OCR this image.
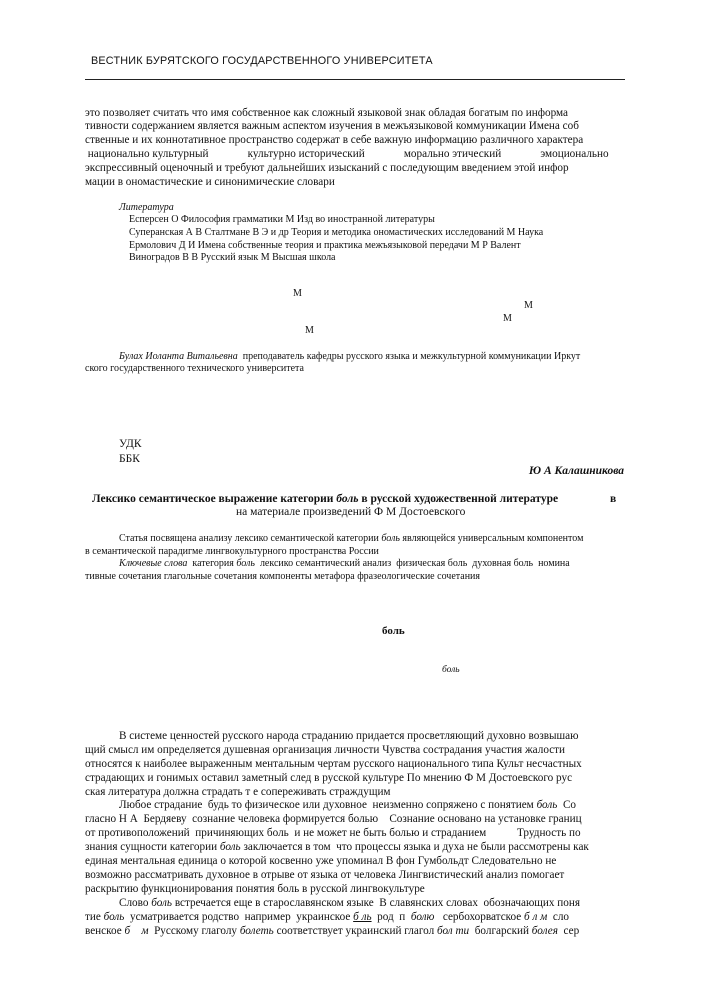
ВЕСТНИК БУРЯТСКОГО ГОСУДАРСТВЕННОГО УНИВЕРСИТЕТА
это позволяет считать что имя собственное как сложный языковой знак обладая богатым по информа
тивности содержанием является важным аспектом изучения в межъязыковой коммуникации Имена соб
ственные и их коннотативное пространство содержат в себе важную информацию различного характера
национально культурный              культурно исторический              морально этический              эмоционально
экспрессивный оценочный и требуют дальнейших изысканий с последующим введением этой инфор
мации в ономастические и синонимические словари
Литература
Есперсен О Философия грамматики М Изд во иностранной литературы
Суперанская А В Сталтмане В Э и др Теория и методика ономастических исследований М Наука
Ермолович Д И Имена собственные теория и практика межъязыковой передачи М Р Валент
Виноградов В В Русский язык М Высшая школа
М
М
М
М
Булах Иоланта Витальевна  преподаватель кафедры русского языка и межкультурной коммуникации Иркут
ского государственного технического университета
УДК
ББК
Ю А Калашникова
Лексико семантическое выражение категории боль в русской художественной литературе	в
на материале произведений Ф М Достоевского
Статья посвящена анализу лексико семантической категории боль являющейся универсальным компонентом
в семантической парадигме лингвокультурного пространства России
Ключевые слова  категория боль  лексико семантический анализ  физическая боль  духовная боль  номина
тивные сочетания глагольные сочетания компоненты метафора фразеологические сочетания
боль
боль
В системе ценностей русского народа страданию придается просветляющий духовно возвышаю
щий смысл им определяется душевная организация личности Чувства сострадания участия жалости
относятся к наиболее выраженным ментальным чертам русского национального типа Культ несчастных
страдающих и гонимых оставил заметный след в русской культуре По мнению Ф М Достоевского рус
ская литература должна страдать т е сопереживать страждущим
Любое страдание  будь то физическое или духовное  неизменно сопряжено с понятием боль  Со
гласно Н А  Бердяеву  сознание человека формируется болью    Сознание основано на установке границ
от противоположений  причиняющих боль  и не может не быть болью и страданием           Трудность по
знания сущности категории боль заключается в том  что процессы языка и духа не были рассмотрены как
единая ментальная единица о которой косвенно уже упоминал В фон Гумбольдт Следовательно не
возможно рассматривать духовное в отрыве от языка от человека Лингвистический анализ помогает
раскрытию функционирования понятия боль в русской лингвокультуре
Слово боль встречается еще в старославянском языке  В славянских словах  обозначающих поня
тие боль  усматривается родство  например  украинское б ль  род  п  болю   сербохорватское б л м  сло
венское б м  Русскому глаголу болеть соответствует украинский глагол бол ти  болгарский болея  сер
